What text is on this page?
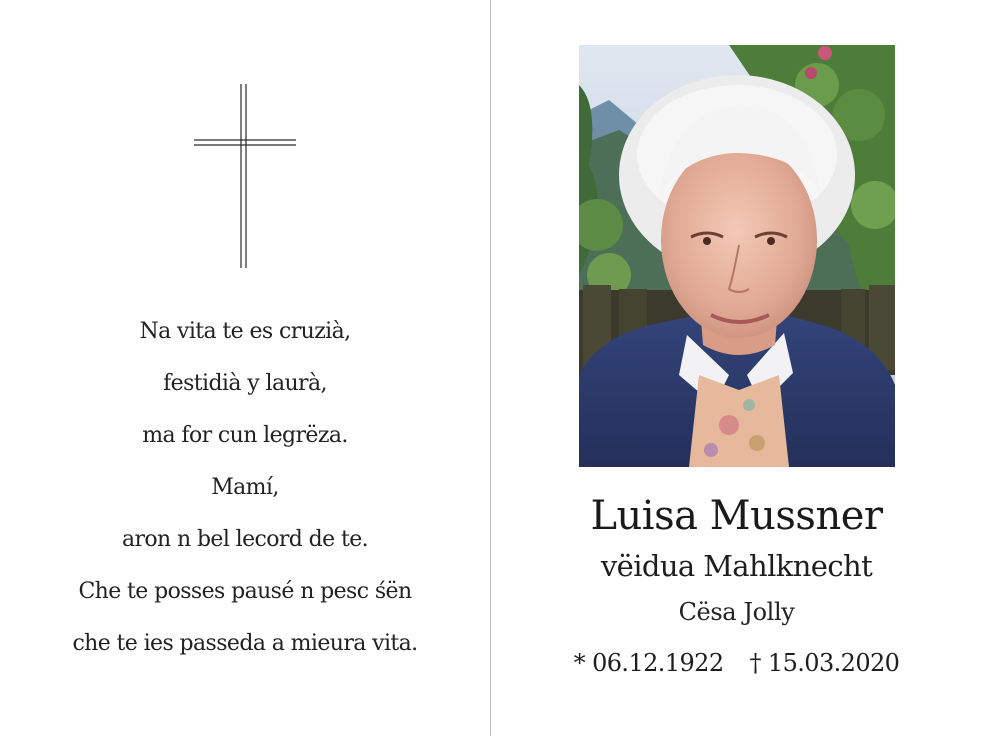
Na vita te es cruzià,
festidià y laurà,
ma for cun legrëza.
Mamí,
aron n bel lecord de te.
Che te posses pausé n pesc śën
che te ies passeda a mieura vita.
Luisa Mussner
vëidua Mahlknecht
Cësa Jolly
* 06.12.1922 † 15.03.2020
